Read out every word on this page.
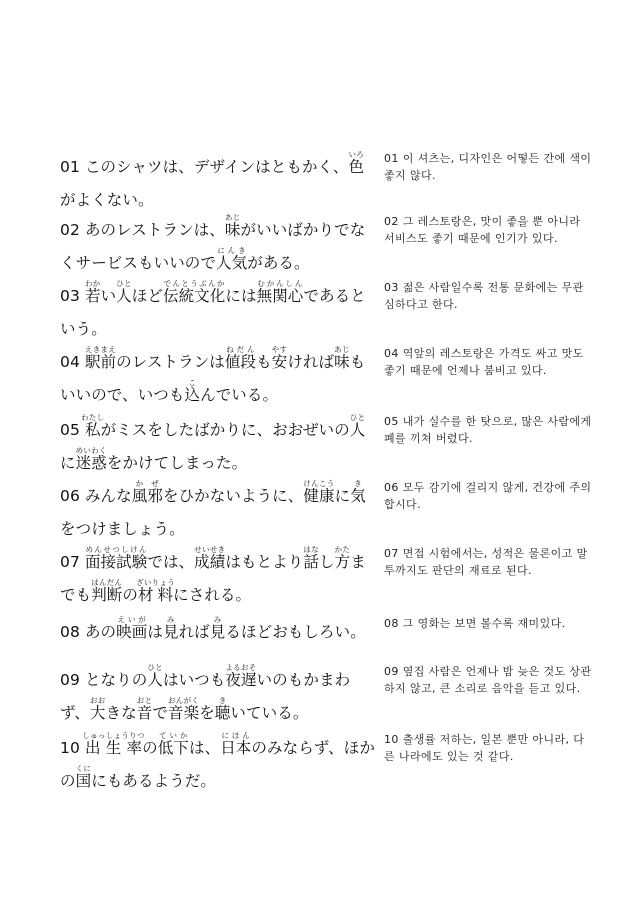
01 このシャツは、デザインはともかく、色いろがよくない。
01 이 셔츠는, 디자인은 어떻든 간에 색이 좋지 않다.
02 あのレストランは、味あじがいいばかりでなくサービスもいいので人気にんきがある。
02 그 레스토랑은, 맛이 좋을 뿐 아니라 서비스도 좋기 때문에 인기가 있다.
03 若わかい人ひとほど伝統文化でんとうぶんかには無関心むかんしんであるという。
03 젊은 사람일수록 전통 문화에는 무관심하다고 한다.
04 駅前えきまえのレストランは値段ねだんも安やすければ味あじもいいので、いつも込こんでいる。
04 역앞의 레스토랑은 가격도 싸고 맛도 좋기 때문에 언제나 붐비고 있다.
05 私わたしがミスをしたばかりに、おおぜいの人ひとに迷惑めいわくをかけてしまった。
05 내가 실수를 한 탓으로, 많은 사람에게 폐를 끼쳐 버렸다.
06 みんな風邪かぜをひかないように、健康けんこうに気きをつけましょう。
06 모두 감기에 걸리지 않게, 건강에 주의합시다.
07 面接試験めんせつしけんでは、成績せいせきはもとより話はなし方かたまでも判断はんだんの材料ざいりょうにされる。
07 면접 시험에서는, 성적은 물론이고 말투까지도 판단의 재료로 된다.
08 あの映画えいがは見みれば見みるほどおもしろい。	08 그 영화는 보면 볼수록 재미있다.
09 となりの人ひとはいつも夜遅よるおそいのもかまわず、大おおきな音おとで音楽おんがくを聴きいている。
09 옆집 사람은 언제나 밤 늦은 것도 상관하지 않고, 큰 소리로 음악을 듣고 있다.
10 出生率しゅっしょうりつの低下ていかは、日本にほんのみならず、ほかの国くににもあるようだ。
10 출생률 저하는, 일본 뿐만 아니라, 다른 나라에도 있는 것 같다.
